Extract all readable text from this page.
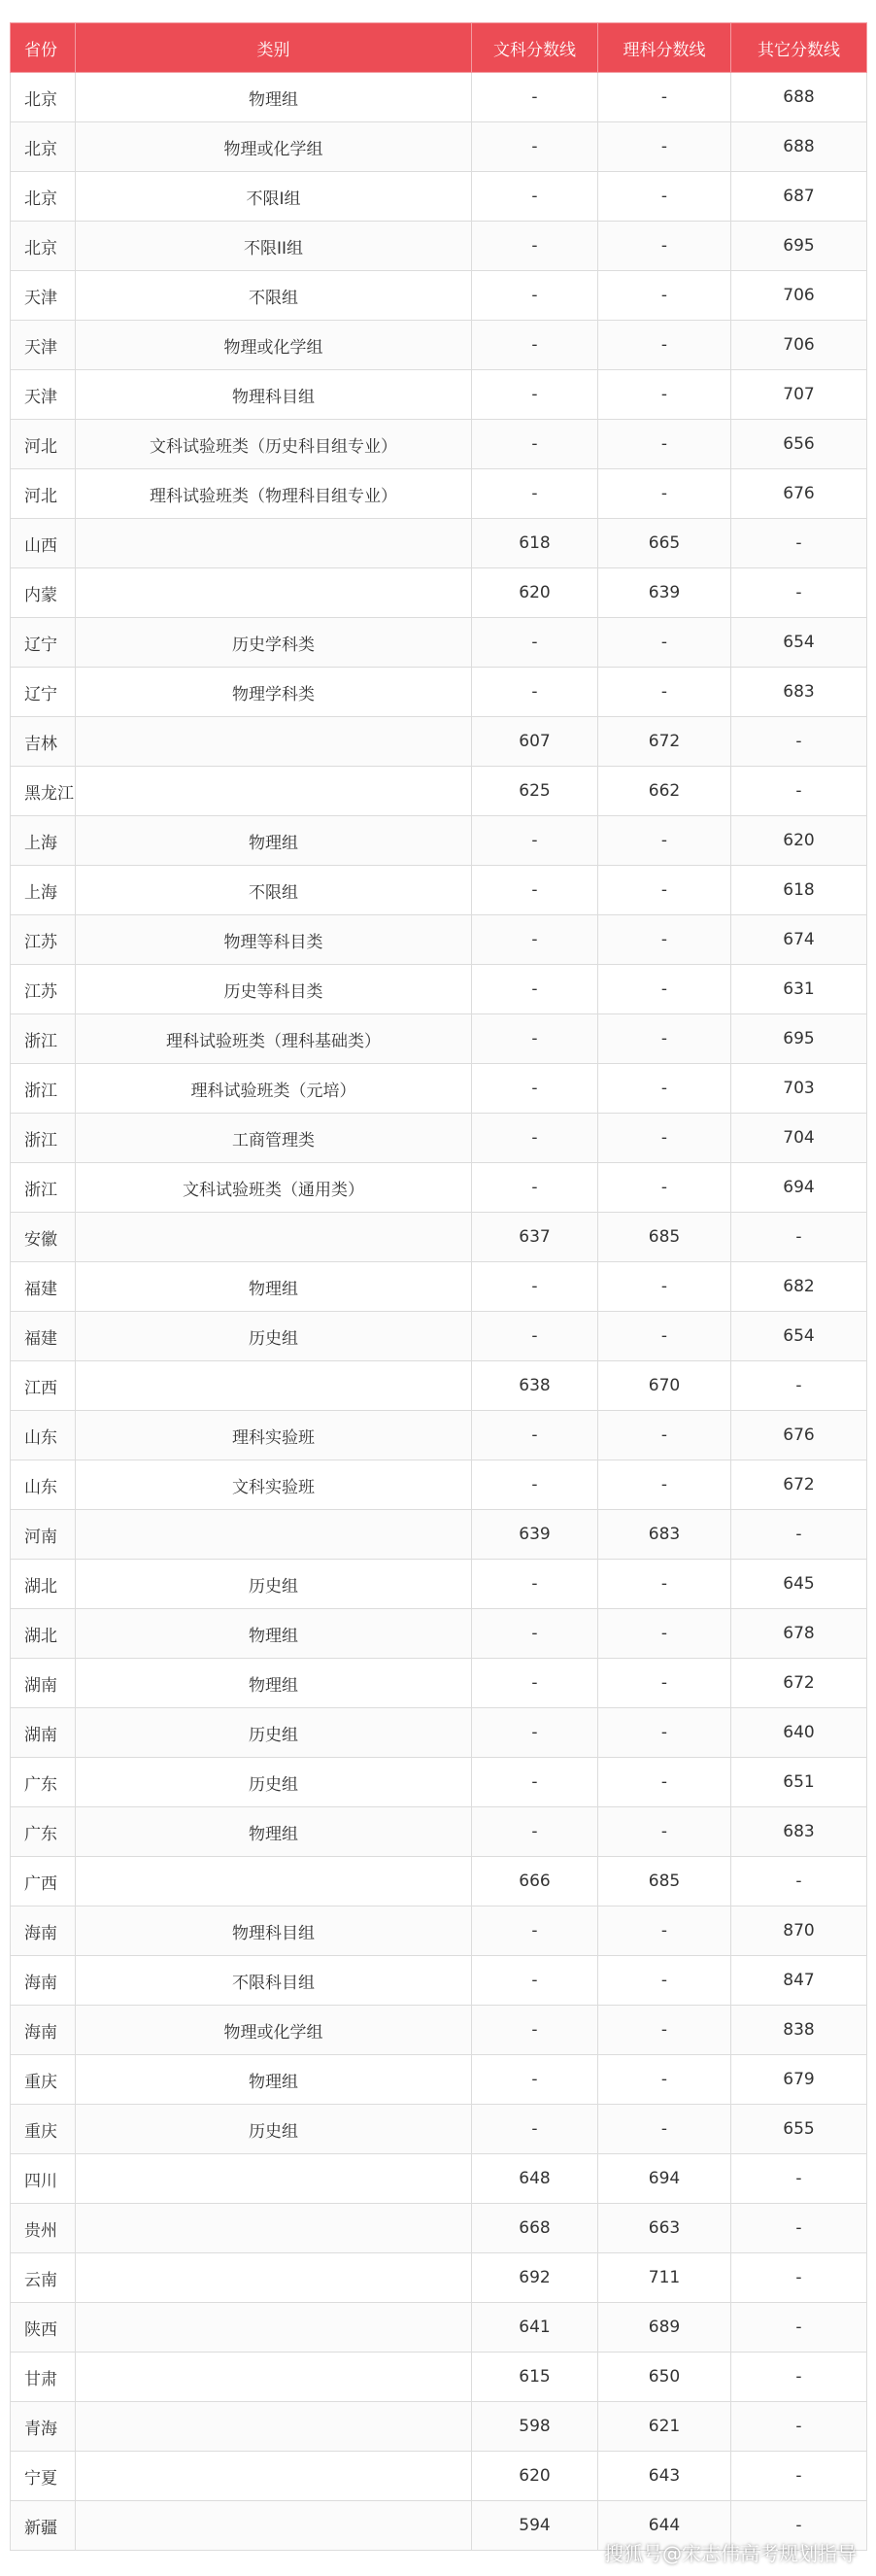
省份	类别	文科分数线	理科分数线	其它分数线
北京	物理组	-	-	688
北京	物理或化学组	-	-	688
北京	不限I组	-	-	687
北京	不限II组	-	-	695
天津	不限组	-	-	706
天津	物理或化学组	-	-	706
天津	物理科目组	-	-	707
河北	文科试验班类（历史科目组专业）	-	-	656
河北	理科试验班类（物理科目组专业）	-	-	676
山西		618	665	-
内蒙		620	639	-
辽宁	历史学科类	-	-	654
辽宁	物理学科类	-	-	683
吉林		607	672	-
黑龙江		625	662	-
上海	物理组	-	-	620
上海	不限组	-	-	618
江苏	物理等科目类	-	-	674
江苏	历史等科目类	-	-	631
浙江	理科试验班类（理科基础类）	-	-	695
浙江	理科试验班类（元培）	-	-	703
浙江	工商管理类	-	-	704
浙江	文科试验班类（通用类）	-	-	694
安徽		637	685	-
福建	物理组	-	-	682
福建	历史组	-	-	654
江西		638	670	-
山东	理科实验班	-	-	676
山东	文科实验班	-	-	672
河南		639	683	-
湖北	历史组	-	-	645
湖北	物理组	-	-	678
湖南	物理组	-	-	672
湖南	历史组	-	-	640
广东	历史组	-	-	651
广东	物理组	-	-	683
广西		666	685	-
海南	物理科目组	-	-	870
海南	不限科目组	-	-	847
海南	物理或化学组	-	-	838
重庆	物理组	-	-	679
重庆	历史组	-	-	655
四川		648	694	-
贵州		668	663	-
云南		692	711	-
陕西		641	689	-
甘肃		615	650	-
青海		598	621	-
宁夏		620	643	-
新疆		594	644	-
搜狐号@宋志伟高考规划指导
